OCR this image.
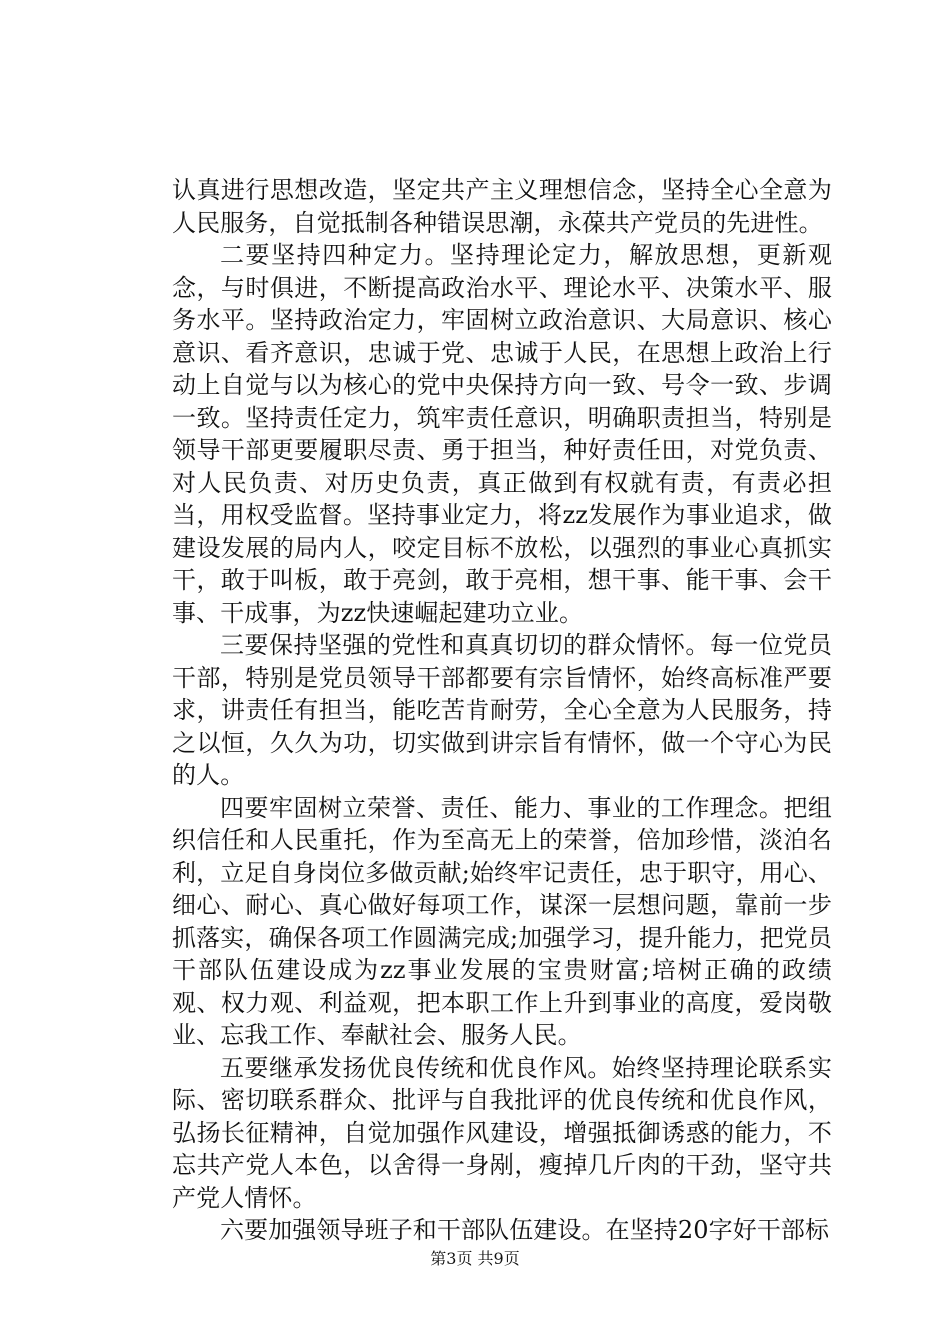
认真进行思想改造，坚定共产主义理想信念，坚持全心全意为人民服务，自觉抵制各种错误思潮，永葆共产党员的先进性。

二要坚持四种定力。坚持理论定力，解放思想，更新观念，与时俱进，不断提高政治水平、理论水平、决策水平、服务水平。坚持政治定力，牢固树立政治意识、大局意识、核心意识、看齐意识，忠诚于党、忠诚于人民，在思想上政治上行动上自觉与以为核心的党中央保持方向一致、号令一致、步调一致。坚持责任定力，筑牢责任意识，明确职责担当，特别是领导干部更要履职尽责、勇于担当，种好责任田，对党负责、对人民负责、对历史负责，真正做到有权就有责，有责必担当，用权受监督。坚持事业定力，将zz发展作为事业追求，做建设发展的局内人，咬定目标不放松，以强烈的事业心真抓实干，敢于叫板，敢于亮剑，敢于亮相，想干事、能干事、会干事、干成事，为zz快速崛起建功立业。

三要保持坚强的党性和真真切切的群众情怀。每一位党员干部，特别是党员领导干部都要有宗旨情怀，始终高标准严要求，讲责任有担当，能吃苦肯耐劳，全心全意为人民服务，持之以恒，久久为功，切实做到讲宗旨有情怀，做一个守心为民的人。

四要牢固树立荣誉、责任、能力、事业的工作理念。把组织信任和人民重托，作为至高无上的荣誉，倍加珍惜，淡泊名利，立足自身岗位多做贡献;始终牢记责任，忠于职守，用心、细心、耐心、真心做好每项工作，谋深一层想问题，靠前一步抓落实，确保各项工作圆满完成;加强学习，提升能力，把党员干部队伍建设成为zz事业发展的宝贵财富;培树正确的政绩观、权力观、利益观，把本职工作上升到事业的高度，爱岗敬业、忘我工作、奉献社会、服务人民。

五要继承发扬优良传统和优良作风。始终坚持理论联系实际、密切联系群众、批评与自我批评的优良传统和优良作风，弘扬长征精神，自觉加强作风建设，增强抵御诱惑的能力，不忘共产党人本色，以舍得一身剐，瘦掉几斤肉的干劲，坚守共产党人情怀。

六要加强领导班子和干部队伍建设。在坚持20字好干部标

第3页 共9页
